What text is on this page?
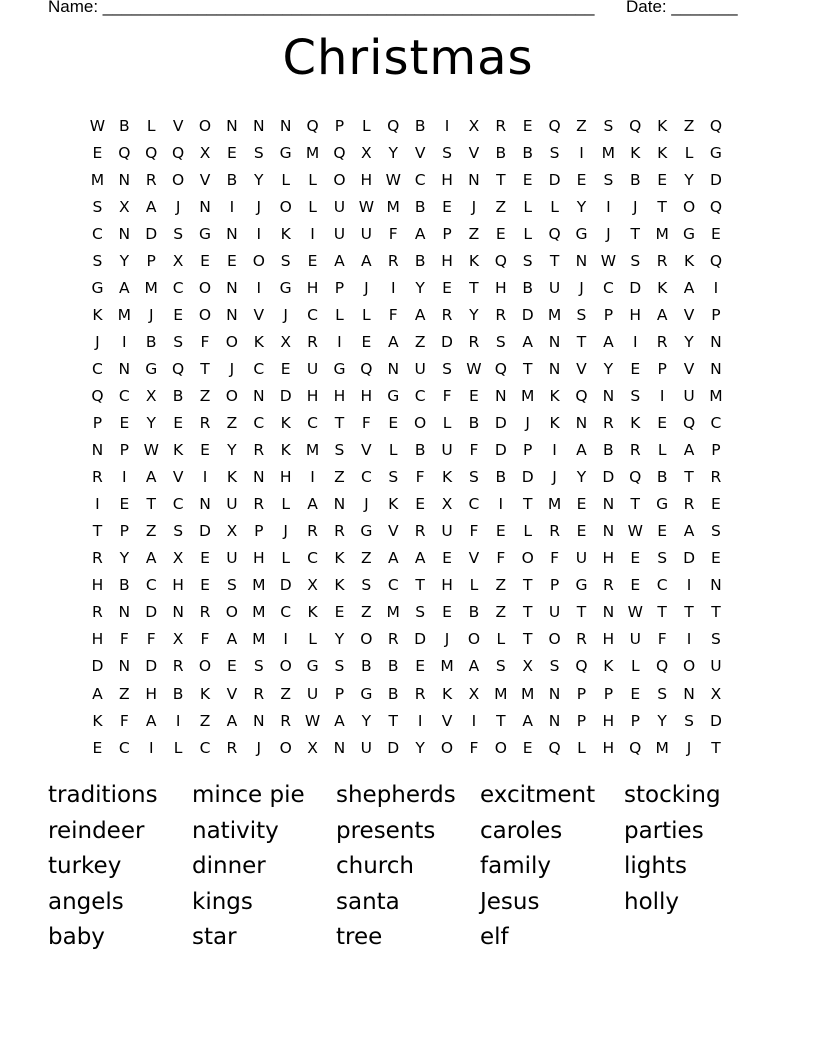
Name: ____________________________________________________ Date: _______
Christmas
W B	L	V O N N N Q	P	L	Q B	I	X	R	E	Q Z	S	Q	K	Z Q
E	Q Q Q X	E	S	G M Q X	Y	V	S	V	B	B	S	I	M K	K	L	G
M N	R O V	B	Y	L	L	O H W C	H N	T	E	D	E	S	B	E	Y	D
S	X	A	J	N	I	J	O	L	U W M B	E	J	Z	L	L	Y	I	J	T	O Q
C	N D	S	G N	I	K	I	U	U	F	A	P	Z	E	L	Q G	J	T M G	E
S	Y	P	X	E	E	O	S	E	A	A	R	B	H	K	Q	S	T	N W S	R	K	Q
G	A M C O N	I	G H	P	J	I	Y	E	T	H	B	U	J	C	D	K	A	I
K M	J	E	O N	V	J	C	L	L	F	A	R	Y	R	D M S	P	H	A	V	P
J	I	B	S	F	O	K	X	R	I	E	A	Z	D	R	S	A	N	T	A	I	R	Y	N
C	N G Q	T	J	C	E	U G Q N U	S W Q	T	N	V	Y	E	P	V	N
Q C	X	B	Z O N D H H H G C	F	E	N M K	Q N	S	I	U M
P	E	Y	E	R	Z	C	K	C	T	F	E	O	L	B	D	J	K	N	R	K	E	Q C
N	P W K	E	Y	R	K M S	V	L	B	U	F	D	P	I	A	B	R	L	A	P
R	I	A	V	I	K	N H	I	Z	C	S	F	K	S	B	D	J	Y	D Q B	T	R
I	E	T	C	N U	R	L	A	N	J	K	E	X	C	I	T M E	N	T	G R	E
T	P	Z	S	D	X	P	J	R	R	G	V	R	U	F	E	L	R	E	N W E	A	S
R	Y	A	X	E	U H	L	C	K	Z	A	A	E	V	F	O	F	U H	E	S	D	E
H	B	C	H	E	S M D	X	K	S	C	T	H	L	Z	T	P	G R	E	C	I	N
R	N D N	R O M C	K	E	Z M S	E	B	Z	T	U	T	N W T	T	T
H	F	F	X	F	A M	I	L	Y	O R	D	J	O	L	T	O R	H U	F	I	S
D N D	R O	E	S	O G	S	B	B	E M A	S	X	S	Q	K	L	Q O U
A	Z	H	B	K	V	R	Z	U	P	G	B	R	K	X M M N	P	P	E	S	N	X
K	F	A	I	Z	A	N	R W A	Y	T	I	V	I	T	A	N	P	H	P	Y	S	D
E	C	I	L	C	R	J	O X	N U D	Y	O	F	O	E	Q	L	H Q M	J	T
traditions	mince pie	shepherds	excitment	stocking
reindeer	nativity	presents	caroles	parties
turkey	dinner	church	family	lights
angels	kings	santa	Jesus	holly
baby	star	tree	elf
